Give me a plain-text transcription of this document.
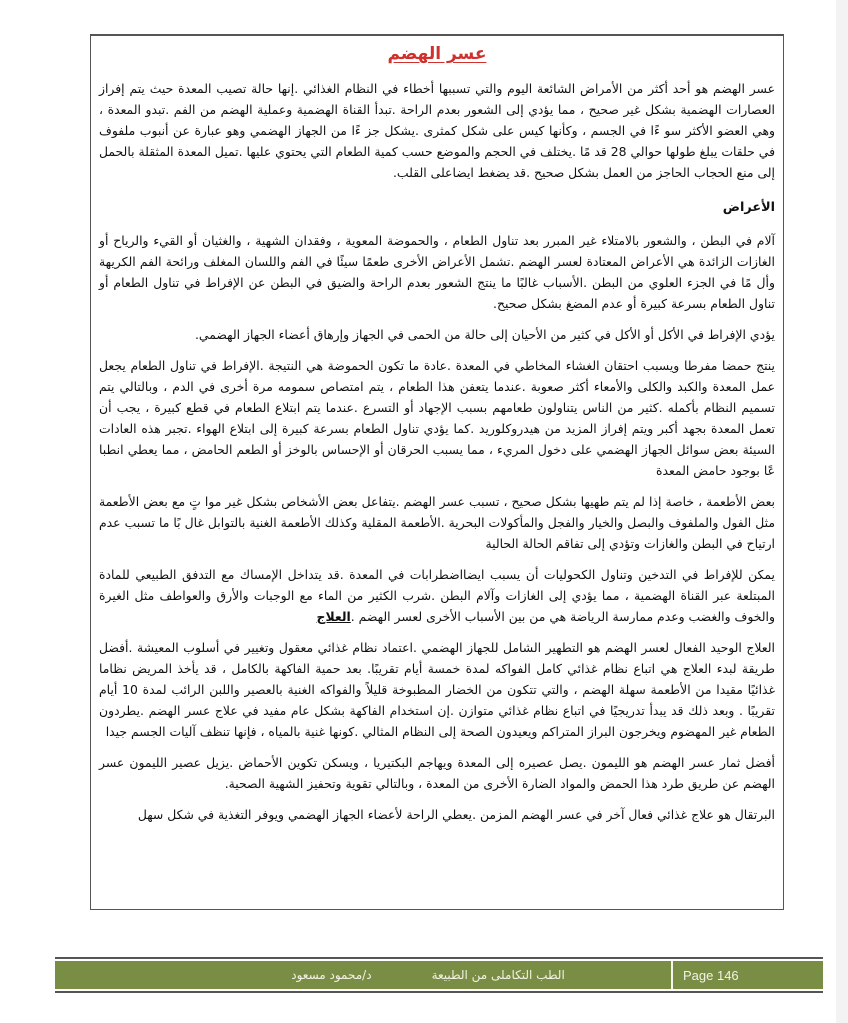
عسر الهضم

عسر الهضم هو أحد أكثر من الأمراض الشائعة اليوم والتي تسببها أخطاء في النظام الغذائي .إنها حالة تصيب المعدة حيث يتم إفراز العصارات الهضمية بشكل غير صحيح ، مما يؤدي إلى الشعور بعدم الراحة .تبدأ القناة الهضمية وعملية الهضم من الفم .تبدو المعدة ، وهي العضو الأكثر سو ءًا في الجسم ، وكأنها كيس على شكل كمثرى .يشكل جز ءًا من الجهاز الهضمي وهو عبارة عن أنبوب ملفوف في حلقات يبلغ طولها حوالي 28 قد مًا .يختلف في الحجم والموضع حسب كمية الطعام التي يحتوي عليها .تميل المعدة المثقلة بالحمل إلى منع الحجاب الحاجز من العمل بشكل صحيح .قد يضغط ايضاعلى القلب.

الأعراض

آلام في البطن ، والشعور بالامتلاء غير المبرر بعد تناول الطعام ، والحموضة المعوية ، وفقدان الشهية ، والغثيان أو القيء والرياح أو الغازات الزائدة هي الأعراض المعتادة لعسر الهضم .تشمل الأعراض الأخرى طعمًا سيئًا في الفم واللسان المغلف ورائحة الفم الكريهة وأل مًا في الجزء العلوي من البطن .الأسباب غالبًا ما ينتج الشعور بعدم الراحة والضيق في البطن عن الإفراط في تناول الطعام أو تناول الطعام بسرعة كبيرة أو عدم المضغ بشكل صحيح.

يؤدي الإفراط في الأكل أو الأكل في كثير من الأحيان إلى حالة من الحمى في الجهاز وإرهاق أعضاء الجهاز الهضمي.

ينتج حمضا مفرطا ويسبب احتقان الغشاء المخاطي في المعدة .عادة ما تكون الحموضة هي النتيجة .الإفراط في تناول الطعام يجعل عمل المعدة والكبد والكلى والأمعاء أكثر صعوبة .عندما يتعفن هذا الطعام ، يتم امتصاص سمومه مرة أخرى في الدم ، وبالتالي يتم تسميم النظام بأكمله .كثير من الناس يتناولون طعامهم بسبب الإجهاد أو التسرع .عندما يتم ابتلاع الطعام في قطع كبيرة ، يجب أن تعمل المعدة بجهد أكبر ويتم إفراز المزيد من هيدروكلوريد .كما يؤدي تناول الطعام بسرعة كبيرة إلى ابتلاع الهواء .تجبر هذه العادات السيئة بعض سوائل الجهاز الهضمي على دخول المريء ، مما يسبب الحرقان أو الإحساس بالوخز أو الطعم الحامض ، مما يعطي انطبا عًا بوجود حامض المعدة

بعض الأطعمة ، خاصة إذا لم يتم طهيها بشكل صحيح ، تسبب عسر الهضم .يتفاعل بعض الأشخاص بشكل غير موا تٍ مع بعض الأطعمة مثل الفول والملفوف والبصل والخيار والفجل والمأكولات البحرية .الأطعمة المقلية وكذلك الأطعمة الغنية بالتوابل غال بًا ما تسبب عدم ارتياح في البطن والغازات وتؤدي إلى تفاقم الحالة الحالية

يمكن للإفراط في التدخين وتناول الكحوليات أن يسبب ايضااضطرابات في المعدة .قد يتداخل الإمساك مع التدفق الطبيعي للمادة المبتلعة عبر القناة الهضمية ، مما يؤدي إلى الغازات وآلام البطن .شرب الكثير من الماء مع الوجبات والأرق والعواطف مثل الغيرة والخوف والغضب وعدم ممارسة الرياضة هي من بين الأسباب الأخرى لعسر الهضم .العلاج

العلاج الوحيد الفعال لعسر الهضم هو التطهير الشامل للجهاز الهضمي .اعتماد نظام غذائي معقول وتغيير في أسلوب المعيشة .أفضل طريقة لبدء العلاج هي اتباع نظام غذائي كامل الفواكه لمدة خمسة أيام تقريبًا. بعد حمية الفاكهة بالكامل ، قد يأخذ المريض نظاما غذائيًا مقيدا من الأطعمة سهلة الهضم ، والتي تتكون من الخضار المطبوخة قليلاً والفواكه الغنية بالعصير واللبن الرائب لمدة 10 أيام تقريبًا . وبعد ذلك قد يبدأ تدريجيًا في اتباع نظام غذائي متوازن .إن استخدام الفاكهة بشكل عام مفيد في علاج عسر الهضم .يطردون الطعام غير المهضوم ويخرجون البراز المتراكم ويعيدون الصحة إلى النظام المثالي .كونها غنية بالمياه ، فإنها تنظف آليات الجسم جيدا

أفضل ثمار عسر الهضم هو الليمون .يصل عصيره إلى المعدة ويهاجم البكتيريا ، ويسكن تكوين الأحماض .يزيل عصير الليمون عسر الهضم عن طريق طرد هذا الحمض والمواد الضارة الأخرى من المعدة ، وبالتالي تقوية وتحفيز الشهية الصحية.

البرتقال هو علاج غذائي فعال آخر في عسر الهضم المزمن .يعطي الراحة لأعضاء الجهاز الهضمي ويوفر التغذية في شكل سهل

الطب التكاملى من الطبيعة
د/محمود مسعود	Page 146
